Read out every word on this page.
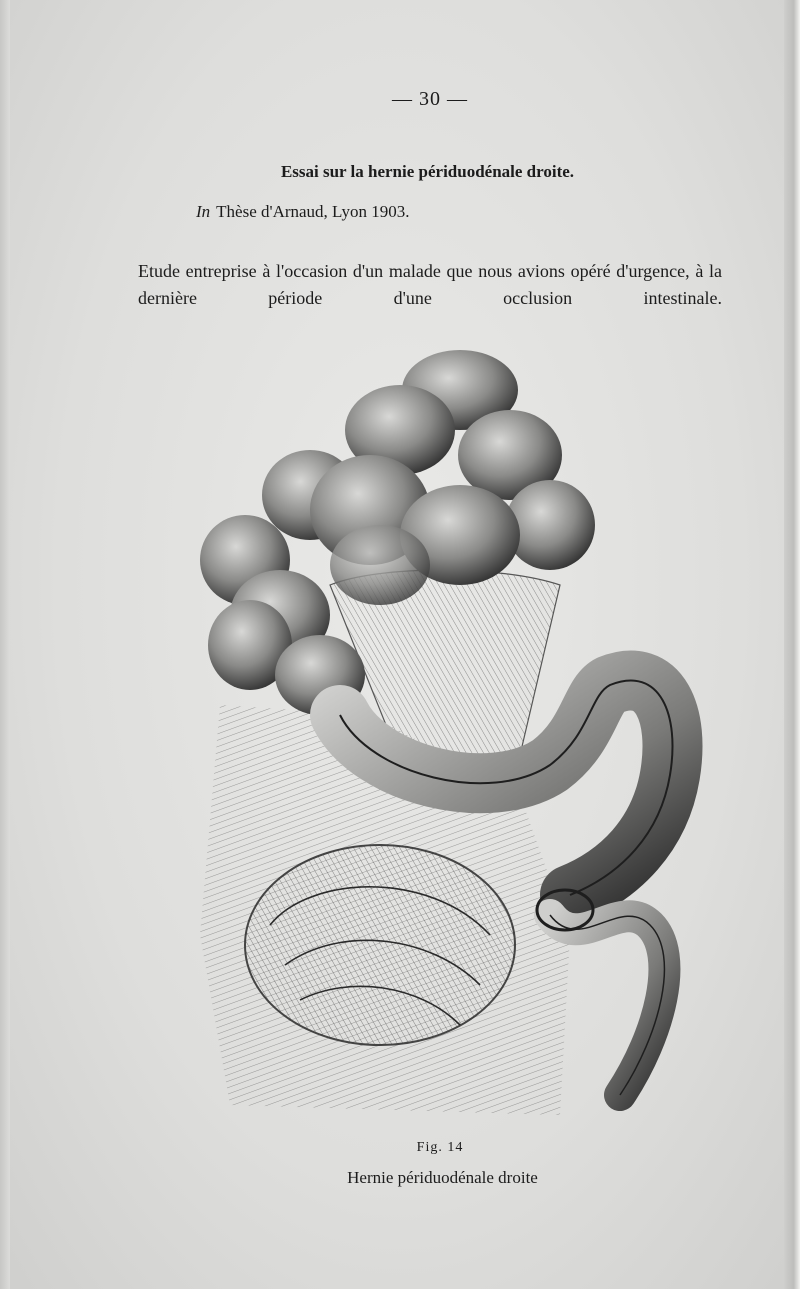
— 30 —
Essai sur la hernie périduodénale droite.
In Thèse d'Arnaud, Lyon 1903.
Etude entreprise à l'occasion d'un malade que nous avions opéré d'urgence, à la dernière période d'une occlusion intestinale.
Fig. 14
Hernie périduodénale droite
